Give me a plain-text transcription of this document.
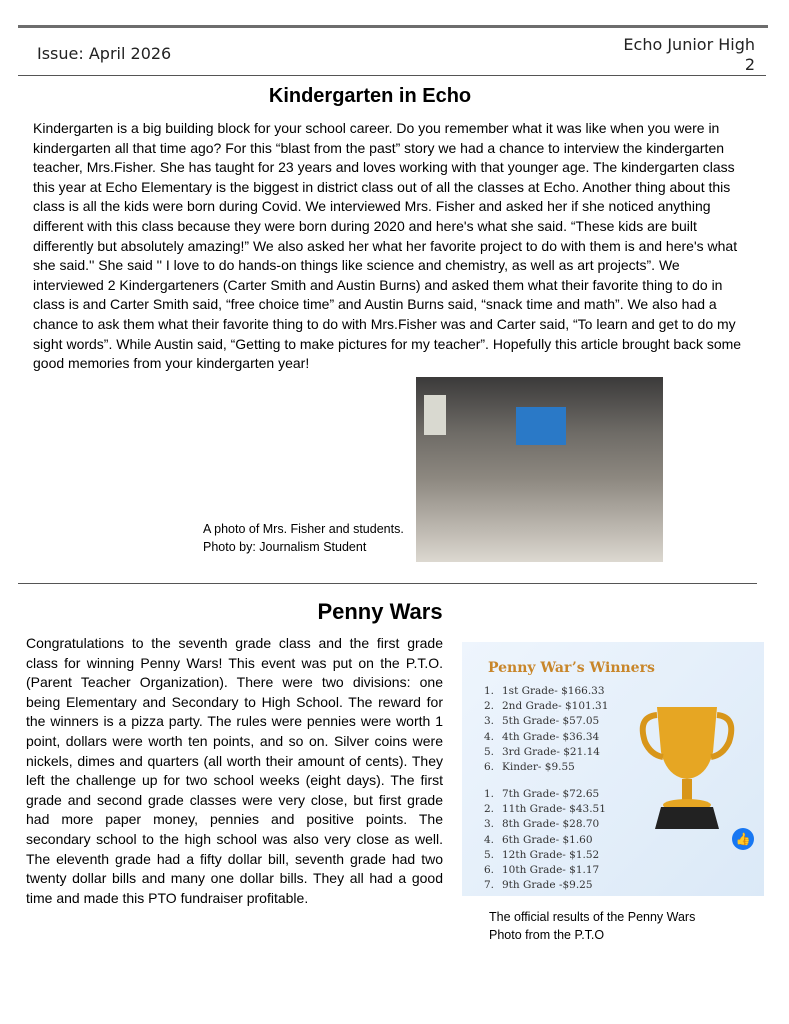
Issue: April 2026	Echo Junior High
2
Kindergarten in Echo
Kindergarten is a big building block for your school career. Do you remember what it was like when you were in kindergarten all that time ago? For this “blast from the past” story we had a chance to interview the kindergarten teacher, Mrs.Fisher. She has taught for 23 years and loves working with that younger age. The kindergarten class this year at Echo Elementary is the biggest in district class out of all the classes at Echo. Another thing about this class is all the kids were born during Covid. We interviewed Mrs. Fisher and asked her if she noticed anything different with this class because they were born during 2020 and here's what she said. “These kids are built differently but absolutely amazing!” We also asked her what her favorite project to do with them is and here's what she said.'' She said '' I love to do hands-on things like science and chemistry, as well as art projects”. We interviewed 2 Kindergarteners (Carter Smith and Austin Burns) and asked them what their favorite thing to do in class is and Carter Smith said, “free choice time” and Austin Burns said, “snack time and math”. We also had a chance to ask them what their favorite thing to do with Mrs.Fisher was and Carter said, “To learn and get to do my sight words”. While Austin said, “Getting to make pictures for my teacher”. Hopefully this article brought back some good memories from your kindergarten year!
A photo of Mrs. Fisher and students.
Photo by: Journalism Student
Penny Wars
Congratulations to the seventh grade class and the first grade class for winning Penny Wars! This event was put on the P.T.O. (Parent Teacher Organization). There were two divisions: one being Elementary and Secondary to High School. The reward for the winners is a pizza party. The rules were pennies were worth 1 point, dollars were worth ten points, and so on. Silver coins were nickels, dimes and quarters (all worth their amount of cents). They left the challenge up for two school weeks (eight days). The first grade and second grade classes were very close, but first grade had more paper money, pennies and positive points. The secondary school to the high school was also very close as well. The eleventh grade had a fifty dollar bill, seventh grade had two twenty dollar bills and many one dollar bills. They all had a good time and made this PTO fundraiser profitable.
Penny War’s Winners
1. 1st Grade- $166.33
2. 2nd Grade- $101.31
3. 5th Grade- $57.05
4. 4th Grade- $36.34
5. 3rd Grade- $21.14
6. Kinder- $9.55
1. 7th Grade- $72.65
2. 11th Grade- $43.51
3. 8th Grade- $28.70
4. 6th Grade- $1.60
5. 12th Grade- $1.52
6. 10th Grade- $1.17
7. 9th Grade -$9.25
👍
The official results of the Penny Wars
Photo from the P.T.O
